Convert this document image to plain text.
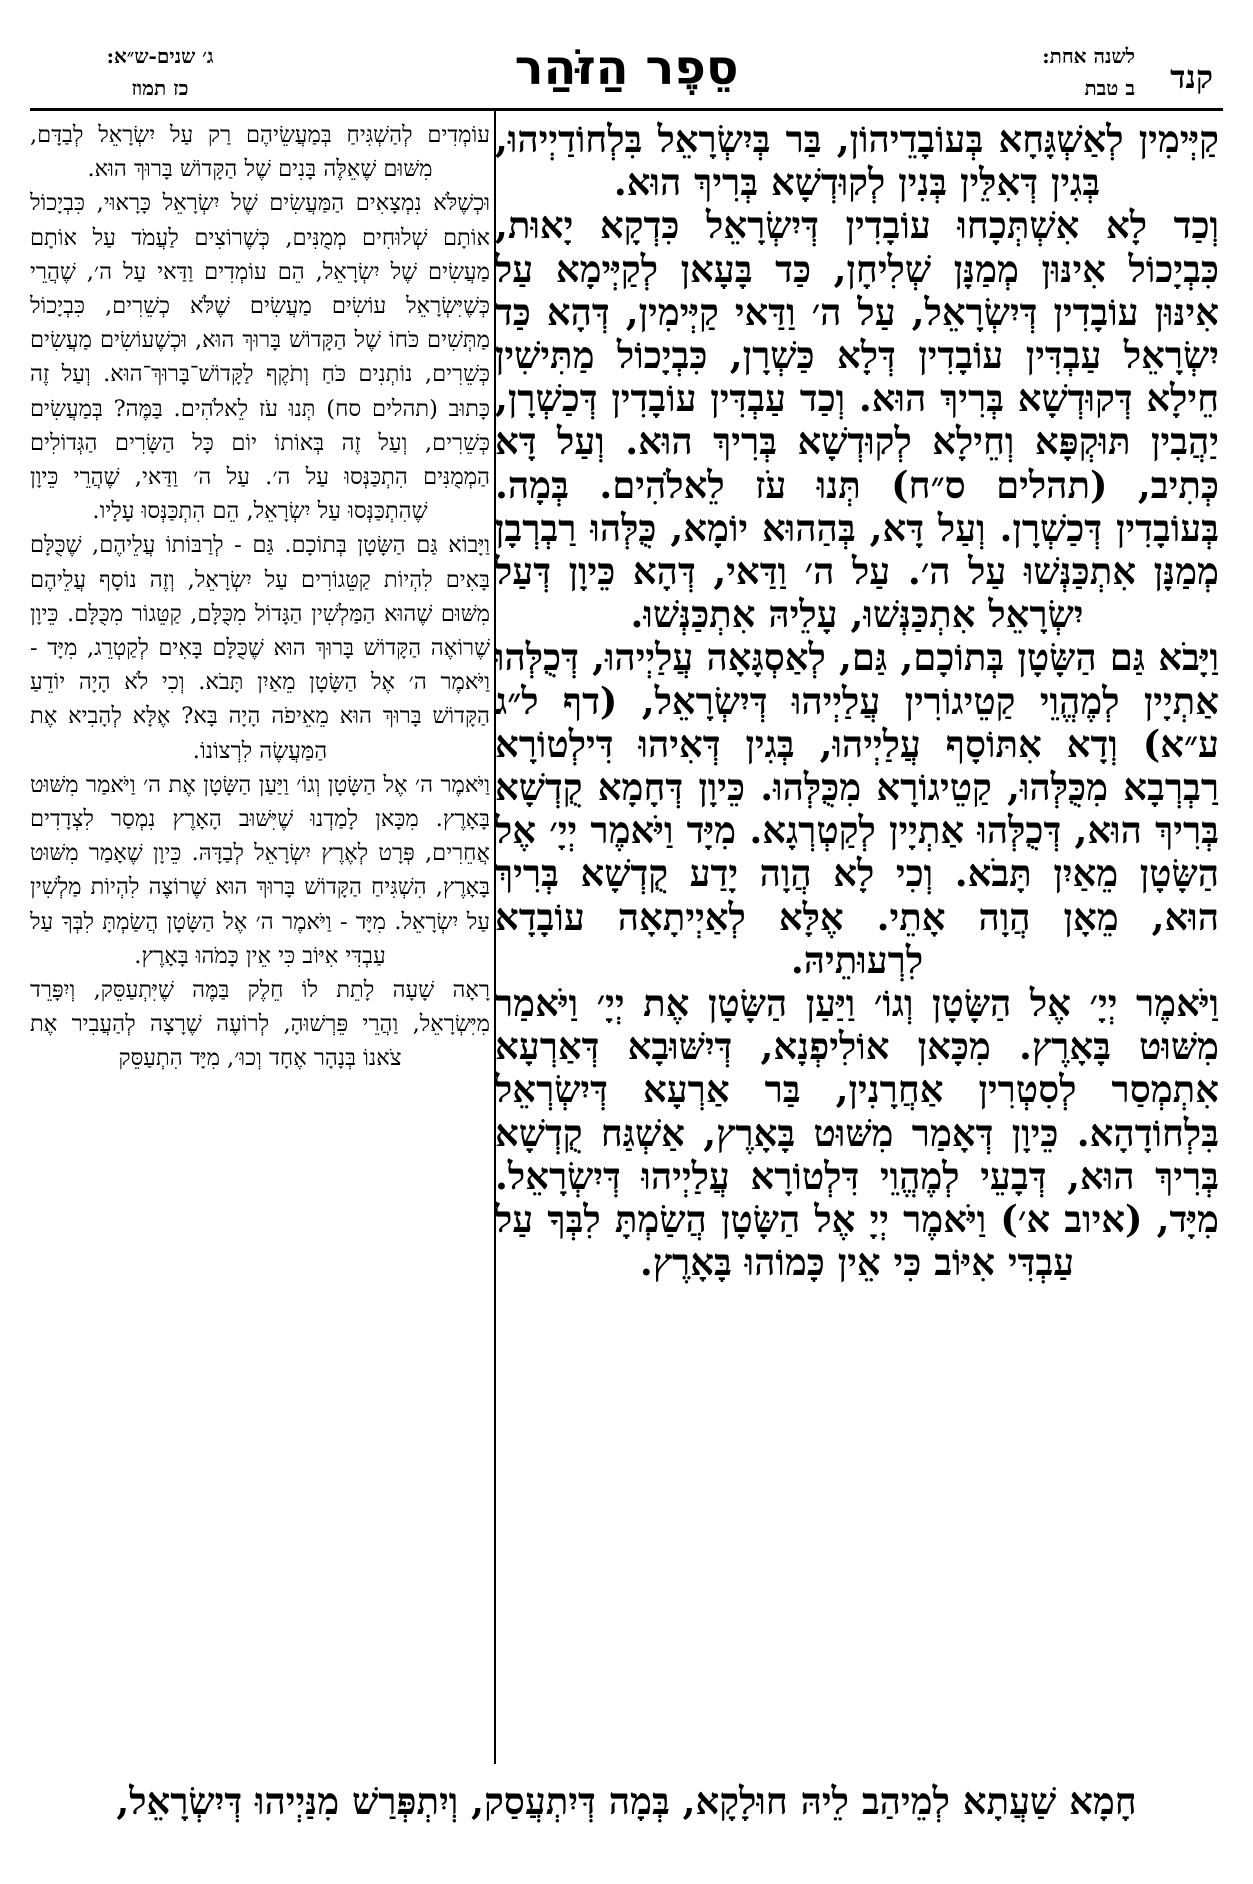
קנד
לשנה אחת:
ב טבת
סֵפֶר הַזֹּהַר
ג׳ שנים-ש״א:
כז תמוז

קַיְּימִין לְאַשְׁגָּחָא בְּעוֹבָדֵיהוֹן, בַּר בְּיִשְׂרָאֵל בִּלְחוֹדַיְיהוּ, בְּגִין דְּאִלֵּין בְּנִין לְקוּדְשָׁא בְּרִיךְ הוּא.

וְכַד לָא אִשְׁתְּכָחוּ עוֹבָדִין דְּיִשְׂרָאֵל כִּדְקָא יָאוּת, כִּבְיָכוֹל אִינּוּן מְמַנָּן שְׁלִיחָן, כַּד בָּעָאן לְקַיְּימָא עַל אִינּוּן עוֹבָדִין דְּיִשְׂרָאֵל, עַל ה׳ וַדַּאי קַיְּימִין, דְּהָא כַּד יִשְׂרָאֵל עַבְדִּין עוֹבָדִין דְּלָא כַּשְׁרָן, כִּבְיָכוֹל מַתִּישִׁין חֵילָא דְּקוּדְשָׁא בְּרִיךְ הוּא. וְכַד עַבְדִּין עוֹבָדִין דְּכַשְׁרָן, יַהֲבִין תּוּקְפָּא וְחֵילָא לְקוּדְשָׁא בְּרִיךְ הוּא. וְעַל דָּא כְּתִיב, (תהלים ס״ח) תְּנוּ עֹז לֵאלֹהִים. בְּמָה. בְּעוֹבָדִין דְּכַשְׁרָן. וְעַל דָּא, בְּהַהוּא יוֹמָא, כֻּלְּהוּ רַבְרְבָן מְמַנָּן אִתְכַּנְּשׁוּ עַל ה׳. עַל ה׳ וַדַּאי, דְּהָא כֵּיוָן דְּעַל יִשְׂרָאֵל אִתְכַּנְּשׁוּ, עָלֵיהּ אִתְכַּנְּשׁוּ.

וַיָּבֹא גַּם הַשָּׂטָן בְּתוֹכָם, גַּם, לְאַסְגָּאָה עֲלַיְיהוּ, דְּכֻלְּהוּ אַתְיָין לְמֶהֱוֵי קַטֵיגוֹרִין עֲלַיְיהוּ דְּיִשְׂרָאֵל, (דף ל״ג ע״א) וְדָא אִתּוֹסָף עֲלַיְיהוּ, בְּגִין דְּאִיהוּ דִּילְטוֹרָא רַבְרְבָא מִכֻּלְּהוּ, קַטֵיגוֹרָא מִכֻּלְּהוּ. כֵּיוָן דְּחָמָא קֻדְשָׁא בְּרִיךְ הוּא, דְּכֻלְּהוּ אַתְיָין לְקַטְרְגָא. מִיָּד וַיֹּאמֶר יְיָ׳ אֶל הַשָּׂטָן מֵאַיִן תָּבֹא. וְכִי לָא הֲוָה יָדַע קֻדְשָׁא בְּרִיךְ הוּא, מֵאָן הֲוָה אָתֵי. אֶלָּא לְאַיְיתָאָה עוֹבָדָא לִרְעוּתֵיהּ.

וַיֹּאמֶר יְיָ׳ אֶל הַשָּׂטָן וְגוֹ׳ וַיַּעַן הַשָּׂטָן אֶת יְיָ׳ וַיֹּאמַר מִשּׁוּט בָּאָרֶץ. מִכָּאן אוֹלִיפְנָא, דְּיִשּׁוּבָא דְּאַרְעָא אִתְמְסַר לְסִטְרִין אַחֲרָנִין, בַּר אַרְעָא דְּיִשְׂרְאֵל בִּלְחוֹדָהָא. כֵּיוָן דְּאָמַר מִשּׁוּט בָּאָרֶץ, אַשְׁגַּח קֻדְשָׁא בְּרִיךְ הוּא, דְּבָעֵי לְמֶהֱוֵי דִּלְטוֹרָא עֲלַיְיהוּ דְּיִשְׂרָאֵל. מִיָּד, (איוב א׳) וַיֹּאמֶר יְיָ אֶל הַשָּׂטָן הֲשַׂמְתָּ לִבְּךָ עַל עַבְדִּי אִיּוֹב כִּי אֵין כָּמוֹהוּ בָּאָרֶץ.

עוֹמְדִים לְהַשְׁגִּיחַ בְּמַעֲשֵׂיהֶם רַק עַל יִשְׂרָאֵל לְבַדָּם, מִשּׁוּם שֶׁאֵלֶּה בָּנִים שֶׁל הַקָּדוֹשׁ בָּרוּךְ הוּא.

וּכְשֶׁלֹּא נִמְצָאִים הַמַּעֲשִׂים שֶׁל יִשְׂרָאֵל כָּרָאוּי, כִּבְיָכוֹל אוֹתָם שְׁלוּחִים מְמֻנִּים, כְּשֶׁרוֹצִים לַעֲמֹד עַל אוֹתָם מַעֲשִׂים שֶׁל יִשְׂרָאֵל, הֵם עוֹמְדִים וַדַּאי עַל ה׳, שֶׁהֲרֵי כְּשֶׁיִּשְׂרָאֵל עוֹשִׂים מַעֲשִׂים שֶׁלֹּא כְשֵׁרִים, כִּבְיָכוֹל מַתְּשִׁים כֹּחוֹ שֶׁל הַקָּדוֹשׁ בָּרוּךְ הוּא, וּכְשֶׁעוֹשִׂים מַעֲשִׂים כְּשֵׁרִים, נוֹתְנִים כֹּחַ וְתֹקֶף לַקָּדוֹשׁ־בָּרוּךְ־הוּא. וְעַל זֶה כָּתוּב (תהלים סח) תְּנוּ עֹז לֵאלֹהִים. בַּמֶּה? בְּמַעֲשִׂים כְּשֵׁרִים, וְעַל זֶה בְּאוֹתוֹ יוֹם כָּל הַשָּׂרִים הַגְּדוֹלִים הַמְמֻנִּים הִתְכַּנְּסוּ עַל ה׳. עַל ה׳ וַדַּאי, שֶׁהֲרֵי כֵּיוָן שֶׁהִתְכַּנְּסוּ עַל יִשְׂרָאֵל, הֵם הִתְכַּנְּסוּ עָלָיו.

וַיָּבוֹא גַּם הַשָּׂטָן בְּתוֹכָם. גַּם - לְרַבּוֹתוֹ עֲלֵיהֶם, שֶׁכֻּלָּם בָּאִים לִהְיוֹת קַטֵּגוֹרִים עַל יִשְׂרָאֵל, וְזֶה נוֹסָף עֲלֵיהֶם מִשּׁוּם שֶׁהוּא הַמַּלְשִׁין הַגָּדוֹל מִכֻּלָּם, קַטֵּגוֹר מִכֻּלָּם. כֵּיוָן שֶׁרוֹאֶה הַקָּדוֹשׁ בָּרוּךְ הוּא שֶׁכֻּלָּם בָּאִים לְקַטְרֵג, מִיָּד - וַיֹּאמֶר ה׳ אֶל הַשָּׂטָן מֵאַיִן תָּבֹא. וְכִי לֹא הָיָה יוֹדֵעַ הַקָּדוֹשׁ בָּרוּךְ הוּא מֵאֵיפֹה הָיָה בָּא? אֶלָּא לְהָבִיא אֶת הַמַּעֲשֶׂה לִרְצוֹנוֹ.

וַיֹּאמֶר ה׳ אֶל הַשָּׂטָן וְגוֹ׳ וַיַּעַן הַשָּׂטָן אֶת ה׳ וַיֹּאמַר מִשּׁוּט בָּאָרֶץ. מִכָּאן לָמַדְנוּ שֶׁיִּשּׁוּב הָאָרֶץ נִמְסַר לִצְדָדִים אֲחֵרִים, פְּרָט לְאֶרֶץ יִשְׂרָאֵל לְבַדָּהּ. כֵּיוָן שֶׁאָמַר מִשּׁוּט בָּאָרֶץ, הִשְׁגִּיחַ הַקָּדוֹשׁ בָּרוּךְ הוּא שֶׁרוֹצֶה לִהְיוֹת מַלְשִׁין עַל יִשְׂרָאֵל. מִיָּד - וַיֹּאמֶר ה׳ אֶל הַשָּׂטָן הֲשַׂמְתָּ לִבְּךָ עַל עַבְדִּי אִיּוֹב כִּי אֵין כָּמֹהוּ בָּאָרֶץ.

רָאָה שָׁעָה לָתֵת לוֹ חֵלֶק בַּמֶּה שֶׁיִּתְעַסֵּק, וְיִפָּרֵד מִיִּשְׂרָאֵל, וַהֲרֵי פֵּרְשׁוּהָ, לְרוֹעֶה שֶׁרָצָה לְהַעֲבִיר אֶת צֹאנוֹ בְּנָהָר אֶחָד וְכוּ׳, מִיָּד הִתְעַסֵּק

חָמָא שַׁעֲתָא לְמֵיהַב לֵיהּ חוּלָקָא, בְּמָה דְּיִתְעֲסַק, וְיִתְפְּרַשׁ מִנַּיְיהוּ דְּיִשְׂרָאֵל,
